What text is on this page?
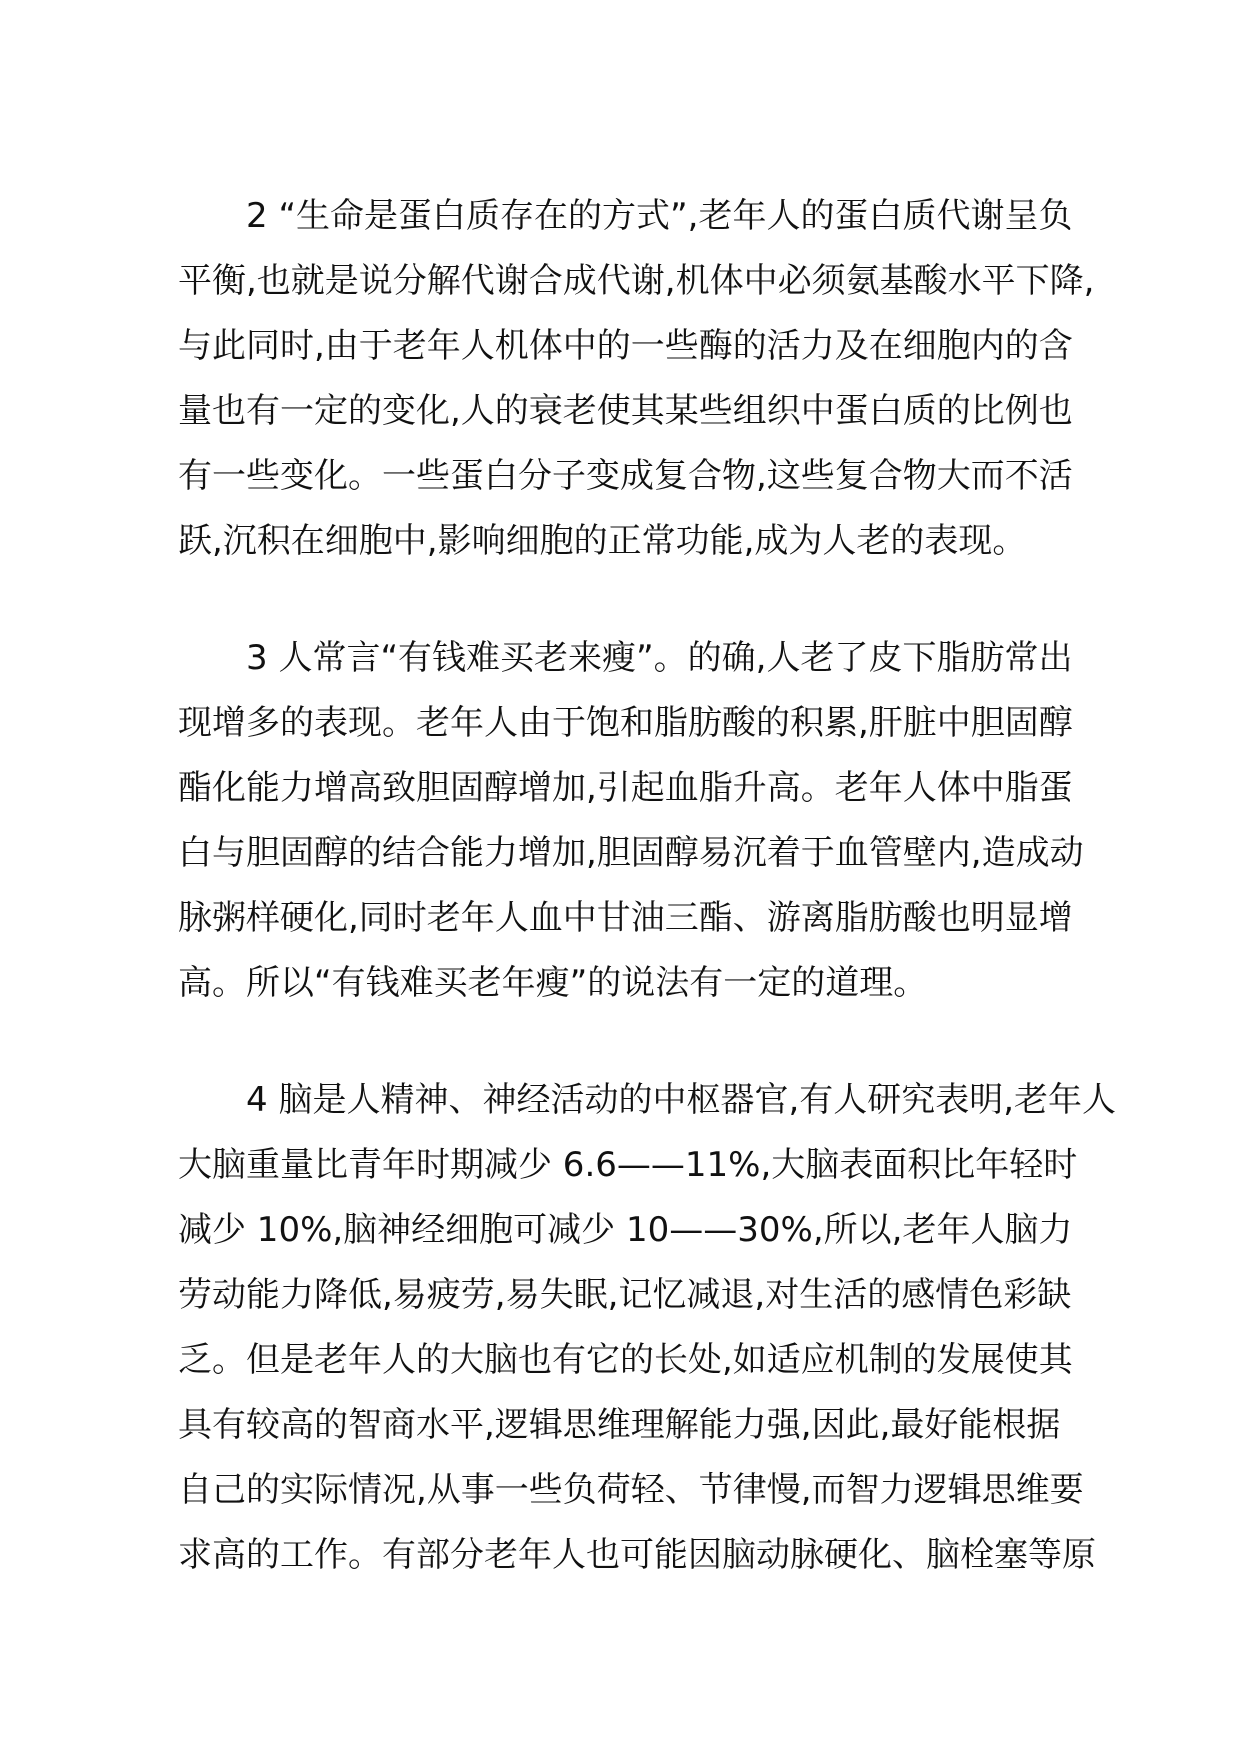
　　2 “生命是蛋白质存在的方式”,老年人的蛋白质代谢呈负
平衡,也就是说分解代谢合成代谢,机体中必须氨基酸水平下降,
与此同时,由于老年人机体中的一些酶的活力及在细胞内的含
量也有一定的变化,人的衰老使其某些组织中蛋白质的比例也
有一些变化。一些蛋白分子变成复合物,这些复合物大而不活
跃,沉积在细胞中,影响细胞的正常功能,成为人老的表现。
　　3 人常言“有钱难买老来瘦”。的确,人老了皮下脂肪常出
现增多的表现。老年人由于饱和脂肪酸的积累,肝脏中胆固醇
酯化能力增高致胆固醇增加,引起血脂升高。老年人体中脂蛋
白与胆固醇的结合能力增加,胆固醇易沉着于血管壁内,造成动
脉粥样硬化,同时老年人血中甘油三酯、游离脂肪酸也明显增
高。所以“有钱难买老年瘦”的说法有一定的道理。
　　4 脑是人精神、神经活动的中枢器官,有人研究表明,老年人
大脑重量比青年时期减少 6.6——11%,大脑表面积比年轻时
减少 10%,脑神经细胞可减少 10——30%,所以,老年人脑力
劳动能力降低,易疲劳,易失眠,记忆减退,对生活的感情色彩缺
乏。但是老年人的大脑也有它的长处,如适应机制的发展使其
具有较高的智商水平,逻辑思维理解能力强,因此,最好能根据
自己的实际情况,从事一些负荷轻、节律慢,而智力逻辑思维要
求高的工作。有部分老年人也可能因脑动脉硬化、脑栓塞等原
